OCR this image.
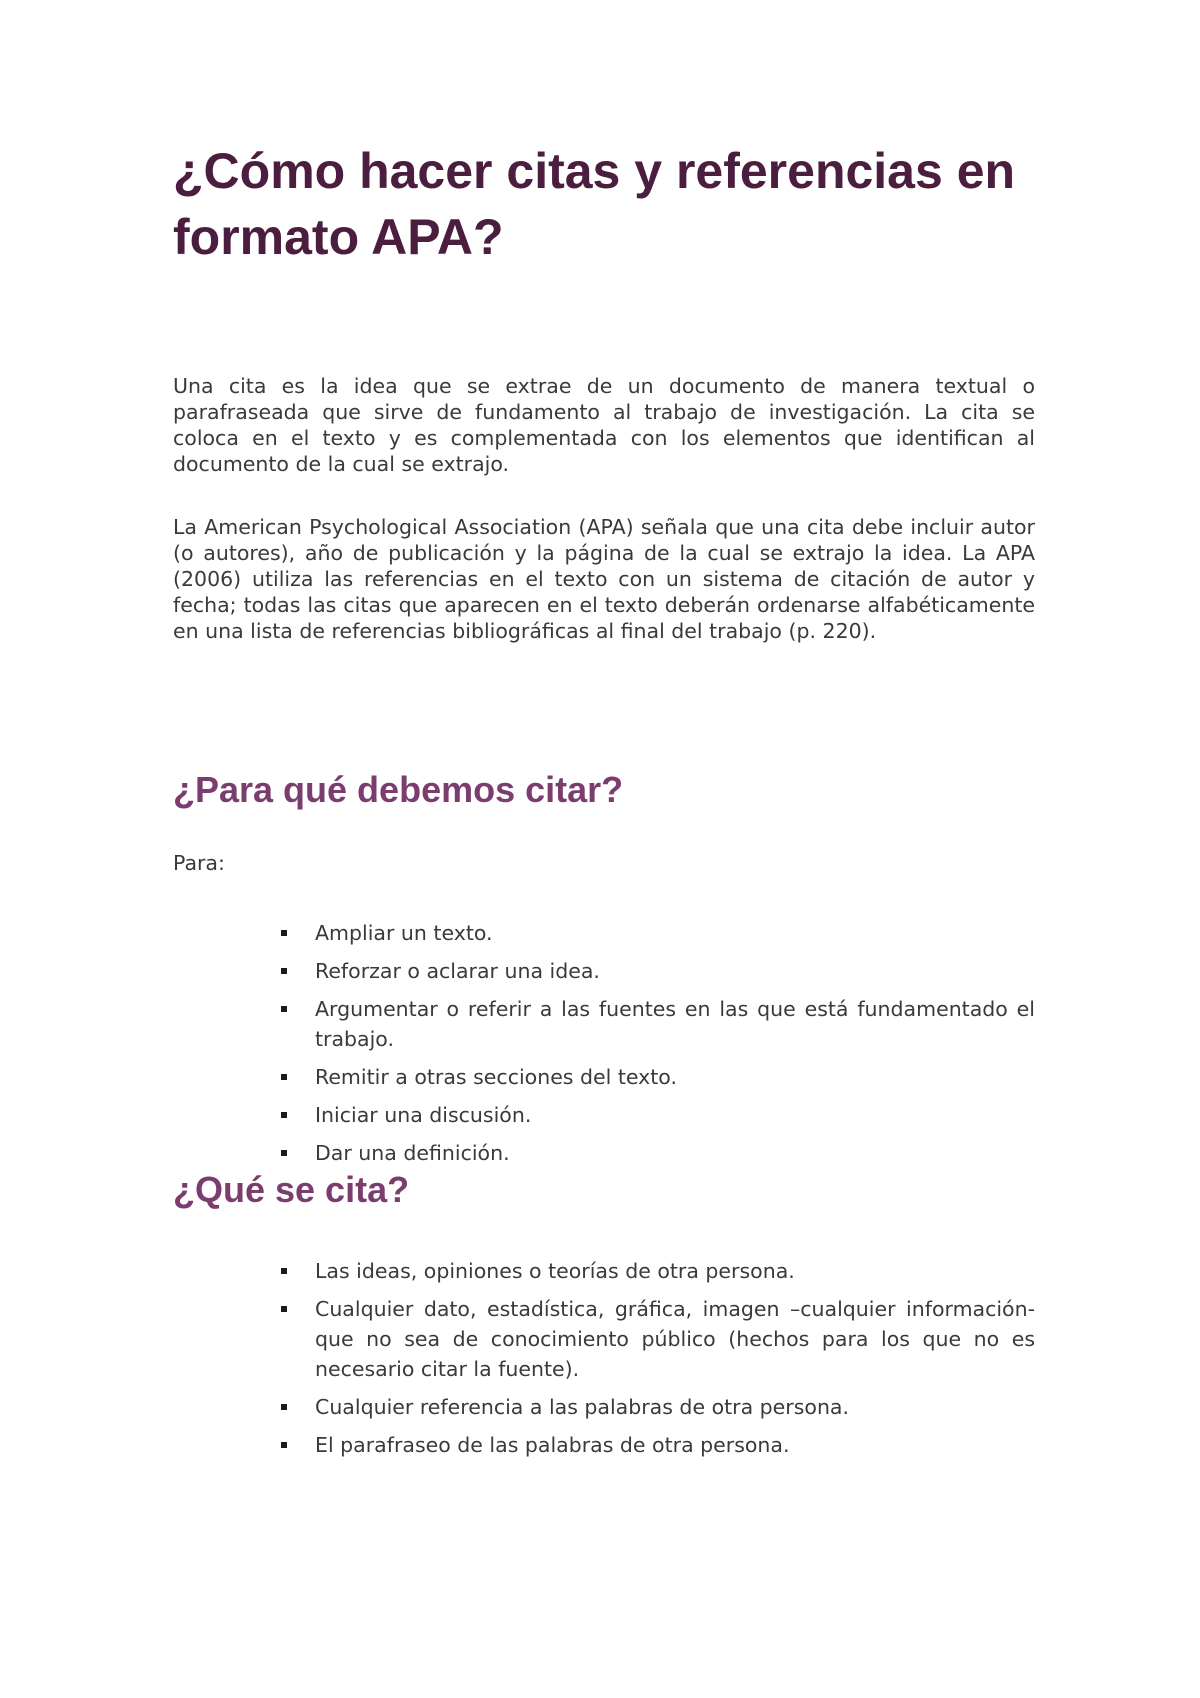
¿Cómo hacer citas y referencias en formato APA?

Una cita es la idea que se extrae de un documento de manera textual o parafraseada que sirve de fundamento al trabajo de investigación. La cita se coloca en el texto y es complementada con los elementos que identifican al documento de la cual se extrajo.

La American Psychological Association (APA) señala que una cita debe incluir autor (o autores), año de publicación y la página de la cual se extrajo la idea. La APA (2006) utiliza las referencias en el texto con un sistema de citación de autor y fecha; todas las citas que aparecen en el texto deberán ordenarse alfabéticamente en una lista de referencias bibliográficas al final del trabajo (p. 220).

¿Para qué debemos citar?

Para:

Ampliar un texto.
Reforzar o aclarar una idea.
Argumentar o referir a las fuentes en las que está fundamentado el trabajo.
Remitir a otras secciones del texto.
Iniciar una discusión.
Dar una definición.
¿Qué se cita?
Las ideas, opiniones o teorías de otra persona.
Cualquier dato, estadística, gráfica, imagen –cualquier información- que no sea de conocimiento público (hechos para los que no es necesario citar la fuente).
Cualquier referencia a las palabras de otra persona.
El parafraseo de las palabras de otra persona.
